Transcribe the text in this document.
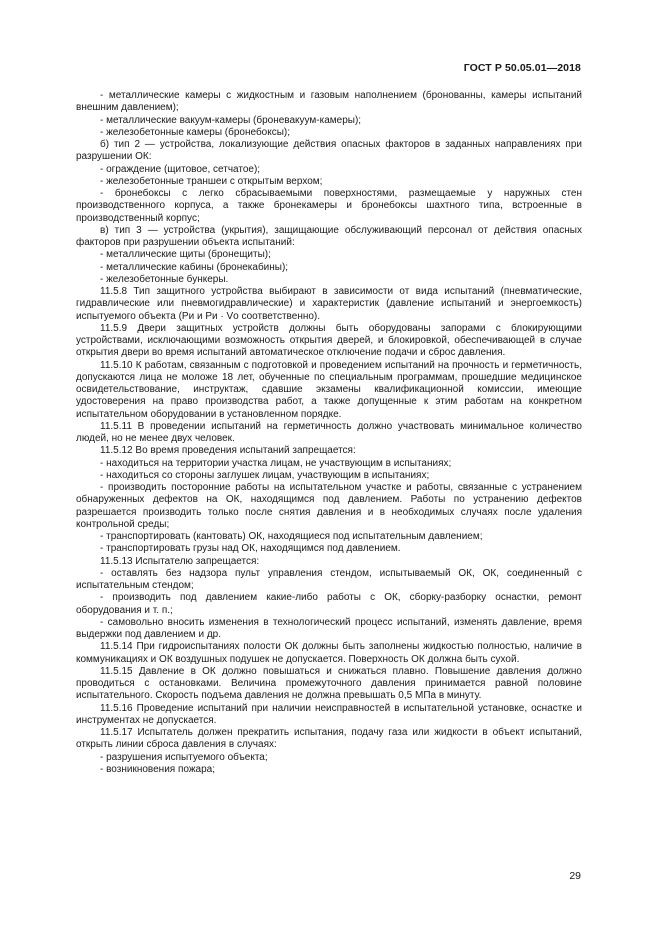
ГОСТ Р 50.05.01—2018

- металлические камеры с жидкостным и газовым наполнением (бронованны, камеры испытаний внешним давлением);

- металлические вакуум-камеры (броневакуум-камеры);

- железобетонные камеры (бронебоксы);

б) тип 2 — устройства, локализующие действия опасных факторов в заданных направлениях при разрушении ОК:

- ограждение (щитовое, сетчатое);

- железобетонные траншеи с открытым верхом;

- бронебоксы с легко сбрасываемыми поверхностями, размещаемые у наружных стен производственного корпуса, а также бронекамеры и бронебоксы шахтного типа, встроенные в производственный корпус;

в) тип 3 — устройства (укрытия), защищающие обслуживающий персонал от действия опасных факторов при разрушении объекта испытаний:

- металлические щиты (бронещиты);

- металлические кабины (бронекабины);

- железобетонные бункеры.

11.5.8 Тип защитного устройства выбирают в зависимости от вида испытаний (пневматические, гидравлические или пневмогидравлические) и характеристик (давление испытаний и энергоемкость) испытуемого объекта (Pи и Pи · Vо соответственно).

11.5.9 Двери защитных устройств должны быть оборудованы запорами с блокирующими устройствами, исключающими возможность открытия дверей, и блокировкой, обеспечивающей в случае открытия двери во время испытаний автоматическое отключение подачи и сброс давления.

11.5.10 К работам, связанным с подготовкой и проведением испытаний на прочность и герметичность, допускаются лица не моложе 18 лет, обученные по специальным программам, прошедшие медицинское освидетельствование, инструктаж, сдавшие экзамены квалификационной комиссии, имеющие удостоверения на право производства работ, а также допущенные к этим работам на конкретном испытательном оборудовании в установленном порядке.

11.5.11 В проведении испытаний на герметичность должно участвовать минимальное количество людей, но не менее двух человек.

11.5.12 Во время проведения испытаний запрещается:

- находиться на территории участка лицам, не участвующим в испытаниях;

- находиться со стороны заглушек лицам, участвующим в испытаниях;

- производить посторонние работы на испытательном участке и работы, связанные с устранением обнаруженных дефектов на ОК, находящимся под давлением. Работы по устранению дефектов разрешается производить только после снятия давления и в необходимых случаях после удаления контрольной среды;

- транспортировать (кантовать) ОК, находящиеся под испытательным давлением;

- транспортировать грузы над ОК, находящимся под давлением.

11.5.13 Испытателю запрещается:

- оставлять без надзора пульт управления стендом, испытываемый ОК, ОК, соединенный с испытательным стендом;

- производить под давлением какие-либо работы с ОК, сборку-разборку оснастки, ремонт оборудования и т. п.;

- самовольно вносить изменения в технологический процесс испытаний, изменять давление, время выдержки под давлением и др.

11.5.14 При гидроиспытаниях полости ОК должны быть заполнены жидкостью полностью, наличие в коммуникациях и ОК воздушных подушек не допускается. Поверхность ОК должна быть сухой.

11.5.15 Давление в ОК должно повышаться и снижаться плавно. Повышение давления должно проводиться с остановками. Величина промежуточного давления принимается равной половине испытательного. Скорость подъема давления не должна превышать 0,5 МПа в минуту.

11.5.16 Проведение испытаний при наличии неисправностей в испытательной установке, оснастке и инструментах не допускается.

11.5.17 Испытатель должен прекратить испытания, подачу газа или жидкости в объект испытаний, открыть линии сброса давления в случаях:

- разрушения испытуемого объекта;

- возникновения пожара;

29
